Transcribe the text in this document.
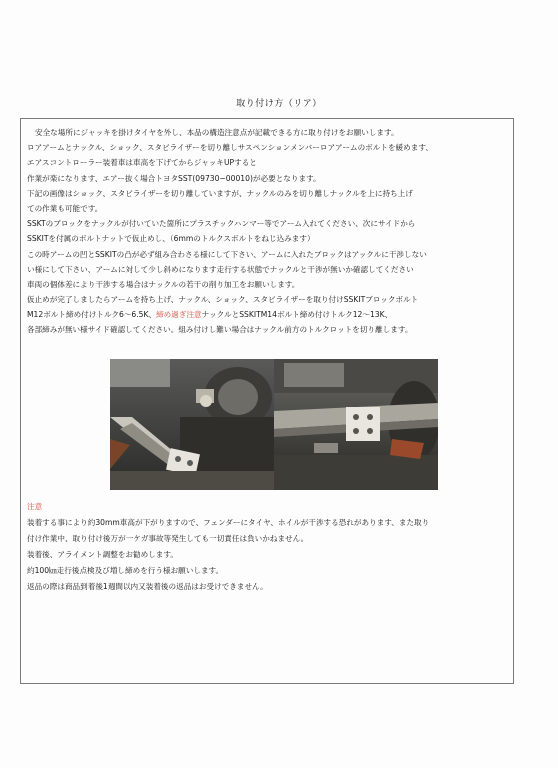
取り付け方（リア）
安全な場所にジャッキを掛けタイヤを外し、本品の構造注意点が記載できる方に取り付けをお願いします。
ロアアームとナックル、ショック、スタビライザーを切り離しサスペンションメンバーロアアームのボルトを緩めます、
エアスコントローラー装着車は車高を下げてからジャッキUPすると
作業が楽になります、エアー抜く場合トヨタSST(09730−00010)が必要となります。
下記の画像はショック、スタビライザーを切り離していますが、ナックルのみを切り離しナックルを上に持ち上げ
ての作業も可能です。
SSKTのブロックをナックルが付いていた箇所にプラスチックハンマー等でアーム入れてください、次にサイドから
SSKITを付属のボルトナットで仮止めし、（6mmのトルクスボルトをねじ込みます）
この時アームの凹とSSKITの凸が必ず組み合わさる様にして下さい、アームに入れたブロックはアックルに干渉しない
い様にして下さい、アームに対して少し斜めになります走行する状態でナックルと干渉が無いか確認してください
車両の個体差により干渉する場合はナックルの若干の削り加工をお願いします。
仮止めが完了しましたらアームを持ち上げ、ナックル、ショック、スタビライザーを取り付けSSKITブロックボルト
M12ボルト締め付けトルク6〜6.5K、締め過ぎ注意ナックルとSSKITM14ボルト締め付けトルク12〜13K、
各部締みが無い様サイド確認してください。組み付けし難い場合はナックル前方のトルクロットを切り離します。
注意
装着する事により約30mm車高が下がりますので、フェンダーにタイヤ、ホイルが干渉する恐れがあります、また取り
付け作業中、取り付け後万が一ケガ事故等発生しても一切責任は負いかねません。
装着後、アライメント調整をお勧めします。
約100㎞走行後点検及び増し締めを行う様お願いします。
返品の際は商品到着後1週間以内又装着後の返品はお受けできません。
